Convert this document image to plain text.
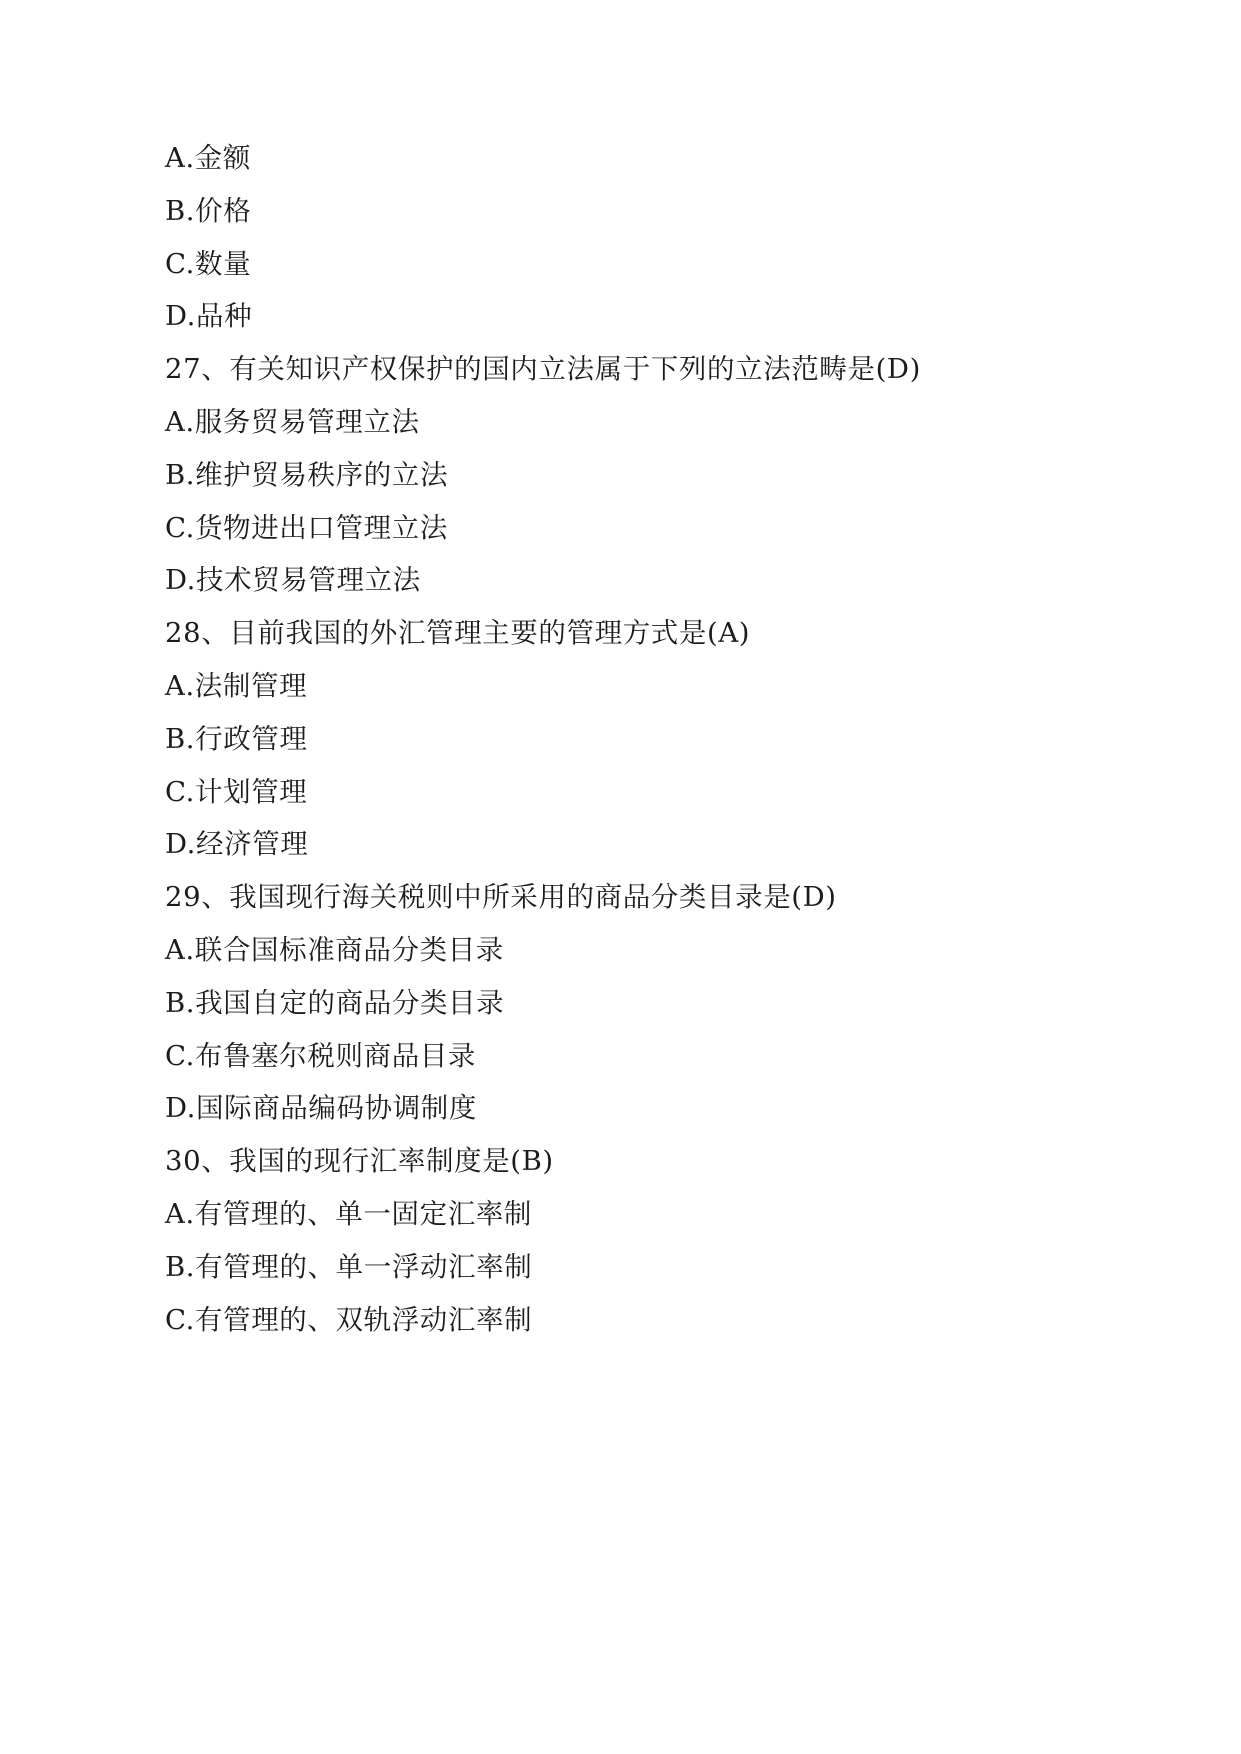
A.金额

B.价格

C.数量

D.品种

27、有关知识产权保护的国内立法属于下列的立法范畴是(D)

A.服务贸易管理立法

B.维护贸易秩序的立法

C.货物进出口管理立法

D.技术贸易管理立法

28、目前我国的外汇管理主要的管理方式是(A)

A.法制管理

B.行政管理

C.计划管理

D.经济管理

29、我国现行海关税则中所采用的商品分类目录是(D)

A.联合国标准商品分类目录

B.我国自定的商品分类目录

C.布鲁塞尔税则商品目录

D.国际商品编码协调制度

30、我国的现行汇率制度是(B)

A.有管理的、单一固定汇率制

B.有管理的、单一浮动汇率制

C.有管理的、双轨浮动汇率制
